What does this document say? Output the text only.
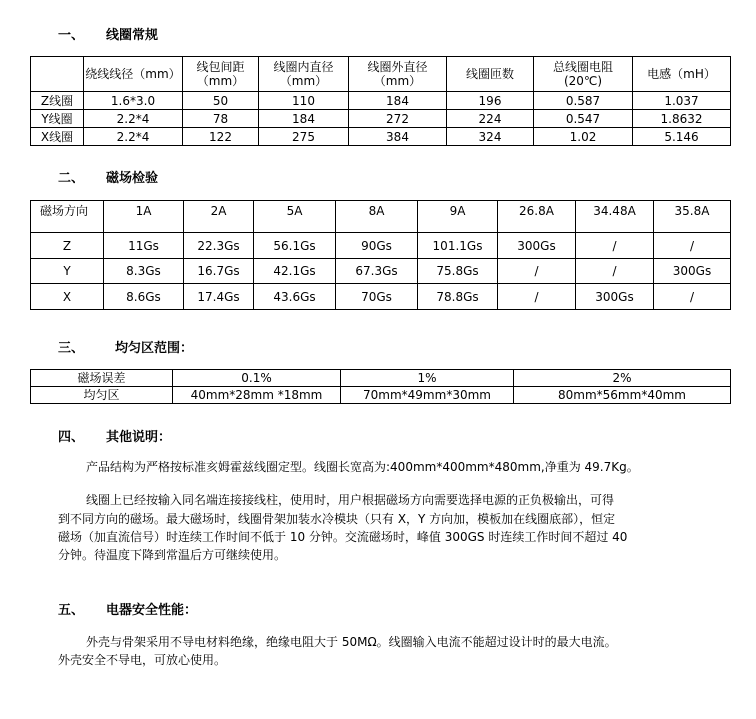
一、 线圈常规
	绕线线径（mm）	线包间距（mm）	线圈内直径（mm）	线圈外直径（mm）	线圈匝数	总线圈电阻(20℃)	电感（mH）
Z线圈	1.6*3.0	50	110	184	196	0.587	1.037
Y线圈	2.2*4	78	184	272	224	0.547	1.8632
X线圈	2.2*4	122	275	384	324	1.02	5.146
二、 磁场检验
磁场方向	1A	2A	5A	8A	9A	26.8A	34.48A	35.8A
Z	11Gs	22.3Gs	56.1Gs	90Gs	101.1Gs	300Gs	/	/
Y	8.3Gs	16.7Gs	42.1Gs	67.3Gs	75.8Gs	/	/	300Gs
X	8.6Gs	17.4Gs	43.6Gs	70Gs	78.8Gs	/	300Gs	/
三、 均匀区范围：
磁场误差	0.1%	1%	2%
均匀区	40mm*28mm *18mm	70mm*49mm*30mm	80mm*56mm*40mm
四、 其他说明：
产品结构为严格按标准亥姆霍兹线圈定型。线圈长宽高为:400mm*400mm*480mm,净重为 49.7Kg。
线圈上已经按输入同名端连接接线柱，使用时，用户根据磁场方向需要选择电源的正负极输出，可得
到不同方向的磁场。最大磁场时，线圈骨架加装水冷模块（只有 X，Y 方向加，模板加在线圈底部），恒定
磁场（加直流信号）时连续工作时间不低于 10 分钟。交流磁场时，峰值 300GS 时连续工作时间不超过 40
分钟。待温度下降到常温后方可继续使用。
五、 电器安全性能：
外壳与骨架采用不导电材料绝缘，绝缘电阻大于 50MΩ。线圈输入电流不能超过设计时的最大电流。
外壳安全不导电，可放心使用。
